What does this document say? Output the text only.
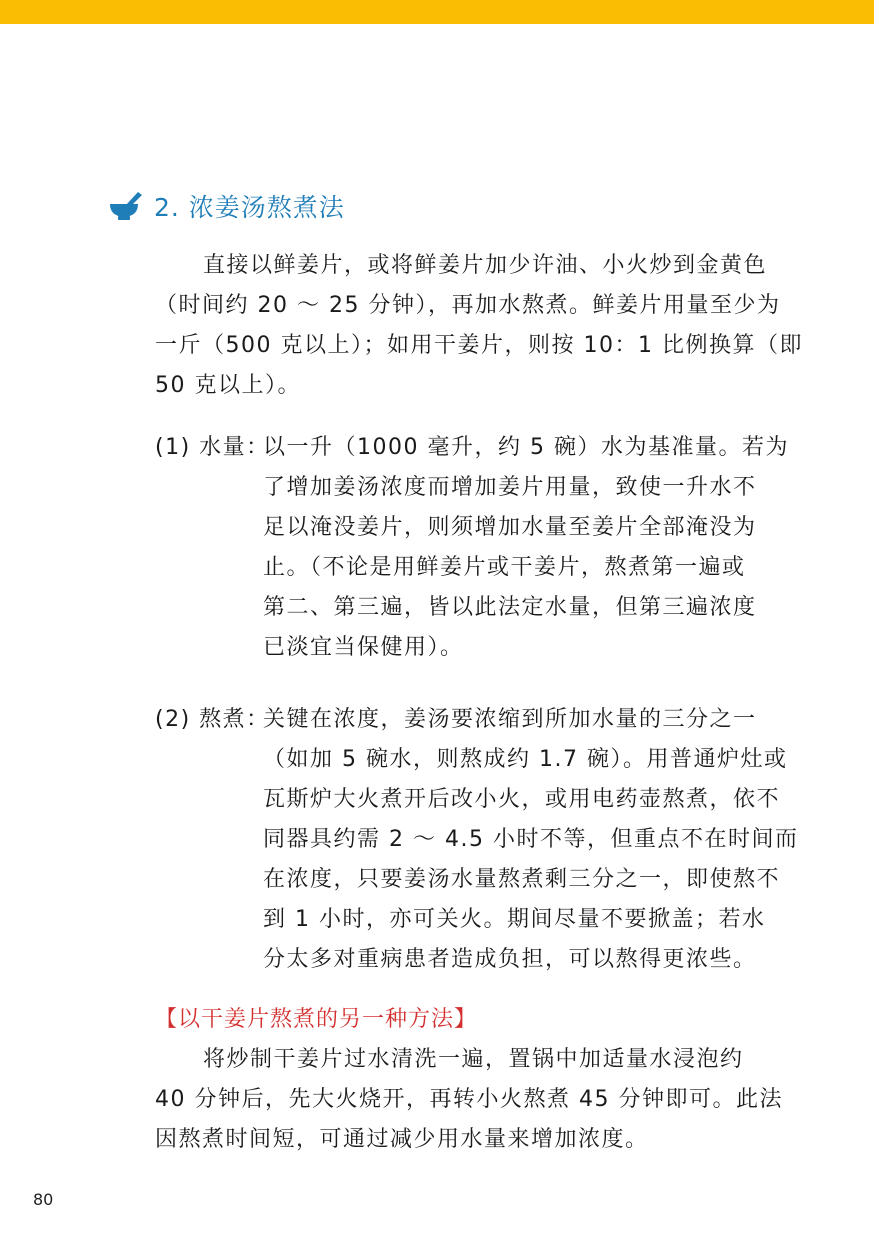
2. 浓姜汤熬煮法
直接以鲜姜片，或将鲜姜片加少许油、小火炒到金黄色
（时间约 20 ～ 25 分钟），再加水熬煮。鲜姜片用量至少为
一斤（500 克以上）；如用干姜片，则按 10：1 比例换算（即
50 克以上）。
(1) 水量：
以一升（1000 毫升，约 5 碗）水为基准量。若为
了增加姜汤浓度而增加姜片用量，致使一升水不
足以淹没姜片，则须增加水量至姜片全部淹没为
止。（不论是用鲜姜片或干姜片，熬煮第一遍或
第二、第三遍，皆以此法定水量，但第三遍浓度
已淡宜当保健用）。
(2) 熬煮：
关键在浓度，姜汤要浓缩到所加水量的三分之一
（如加 5 碗水，则熬成约 1.7 碗）。用普通炉灶或
瓦斯炉大火煮开后改小火，或用电药壶熬煮，依不
同器具约需 2 ～ 4.5 小时不等，但重点不在时间而
在浓度，只要姜汤水量熬煮剩三分之一，即使熬不
到 1 小时，亦可关火。期间尽量不要掀盖；若水
分太多对重病患者造成负担，可以熬得更浓些。
【以干姜片熬煮的另一种方法】
将炒制干姜片过水清洗一遍，置锅中加适量水浸泡约
40 分钟后，先大火烧开，再转小火熬煮 45 分钟即可。此法
因熬煮时间短，可通过减少用水量来增加浓度。
80
